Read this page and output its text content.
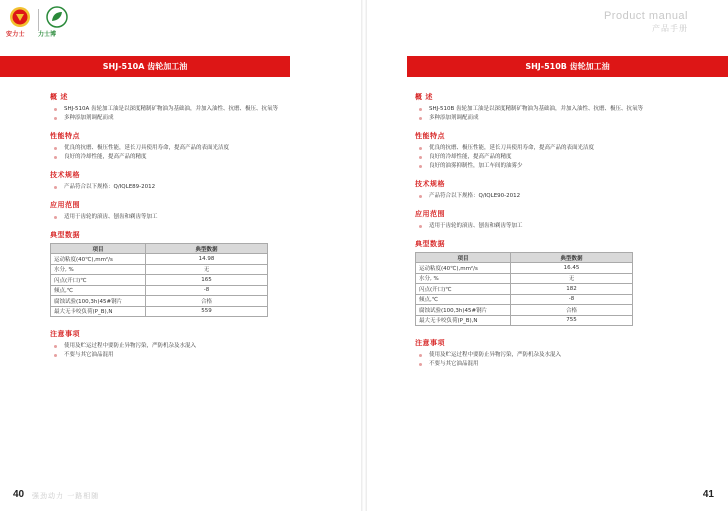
安力士 力士博
SHJ-510A 齿轮加工油
概 述
SHJ-510A 齿轮加工油是以深度精制矿物油为基础油，并加入油性、抗磨、极压、抗氧等
多种添加剂调配而成
性能特点
优良的抗磨、极压性能，延长刀具使用寿命，提高产品的表面光洁度
良好的冷却性能，提高产品的精度
技术规格
产品符合以下规格：Q/IQLE89-2012
应用范围
适用于齿轮的滚齿、刨齿和剃齿等加工
典型数据
项目	典型数据
运动粘度(40℃),mm²/s	14.98
水分, %	无
闪点(开口)℃	165
倾点,℃	-8
腐蚀试验(100,3h)45#钢片	合格
最大无卡咬负荷(P_B),N	559
注意事项
使用及贮运过程中要防止异物污染，严防机杂及水混入
不要与其它油品混用
40 强劲动力 一路相随
Product manual
产品手册
SHJ-510B 齿轮加工油
概 述
SHJ-510B 齿轮加工油是以深度精制矿物油为基础油，并加入油性、抗磨、极压、抗氧等
多种添加剂调配而成
性能特点
优良的抗磨、极压性能，延长刀具使用寿命，提高产品的表面光洁度
良好的冷却性能，提高产品的精度
良好的油雾抑制性，加工车间的油雾少
技术规格
产品符合以下规格：Q/IQLE90-2012
应用范围
适用于齿轮的滚齿、刨齿和剃齿等加工
典型数据
项目	典型数据
运动粘度(40℃),mm²/s	16.45
水分, %	无
闪点(开口)℃	182
倾点,℃	-8
腐蚀试验(100,3h)45#钢片	合格
最大无卡咬负荷(P_B),N	755
注意事项
使用及贮运过程中要防止异物污染，严防机杂及水混入
不要与其它油品混用
41
